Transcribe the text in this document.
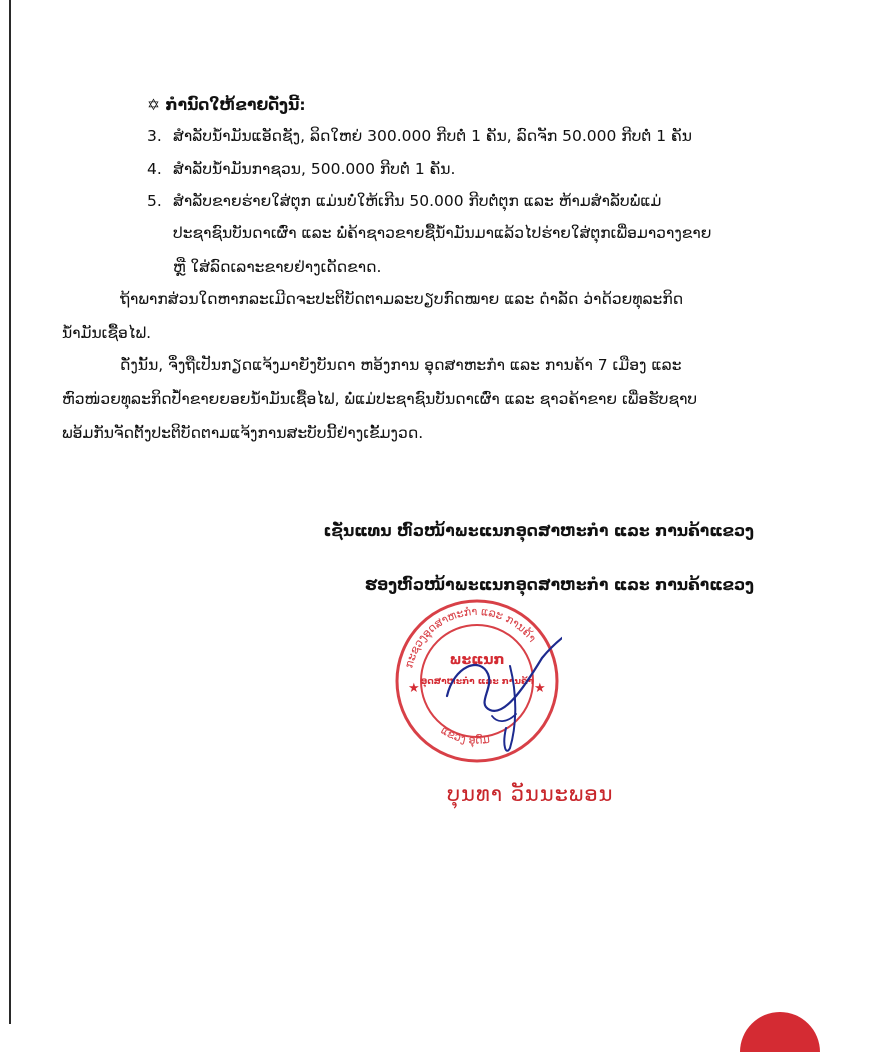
✡ ກໍານົດໃຫ້ຂາຍດັ່ງນີ້:
3. ສໍາລັບນໍ້າມັນແອັດຊັງ, ລິດໃຫຍ່ 300.000 ກີບຕໍ່ 1 ຄັນ, ລົດຈັກ 50.000 ກີບຕໍ່ 1 ຄັນ
4. ສໍາລັບນໍ້າມັນກາຊວນ, 500.000 ກີບຕໍ່ 1 ຄັນ.
5. ສໍາລັບຂາຍຮ່າຍໃສ່ຕຸກ ແມ່ນບໍ່ໃຫ້ເກີນ 50.000 ກີບຕໍ່ຕຸກ ແລະ ຫ້າມສໍາລັບພໍ່ແມ່
ປະຊາຊົນບັນດາເຜົ່າ ແລະ ພໍ່ຄ້າຊາວຂາຍຊື້ນໍ້າມັນມາແລ້ວໄປຮ່າຍໃສ່ຕຸກເພື່ອມາວາງຂາຍ
ຫຼື ໃສ່ລົດເລາະຂາຍຢ່າງເດັດຂາດ.
ຖ້າພາກສ່ວນໃດຫາກລະເມີດຈະປະຕິບັດຕາມລະບຽບກົດໝາຍ ແລະ ດໍາລັດ ວ່າດ້ວຍທຸລະກິດ
ນໍ້າມັນເຊື້ອໄຟ.
ດັ່ງນັ້ນ, ຈຶ່ງຖືເປັນກຽດແຈ້ງມາຍັງບັນດາ ຫອ້ງການ ອຸດສາຫະກໍາ ແລະ ການຄ້າ 7 ເມືອງ ແລະ
ຫົວໜ່ວຍທຸລະກິດປໍ້າຂາຍຍອຍນໍ້າມັນເຊື້ອໄຟ, ພໍ່ແມ່ປະຊາຊົນບັນດາເຜົ່າ ແລະ ຊາວຄ້າຂາຍ ເພື່ອຮັບຊາບ
ພອ້ມກັນຈັດຕັ້ງປະຕິບັດຕາມແຈ້ງການສະບັບນີ້ຢ່າງເຂັ້ມງວດ.
ເຊັ່ນແທນ ຫົວໜ້າພະແນກອຸດສາຫະກໍາ ແລະ ການຄ້າແຂວງ
ຮອງຫົວໜ້າພະແນກອຸດສາຫະກໍາ ແລະ ການຄ້າແຂວງ
ກະຊວງອຸດສາຫະກໍາ ແລະ ການຄ້າ
ແຂວງ ອຸດົມ
★	★
ພະແນກ
ອຸດສາຫະກໍາ ແລະ ການຄ້າ
ບຸນທາ ວັນນະພອນ
